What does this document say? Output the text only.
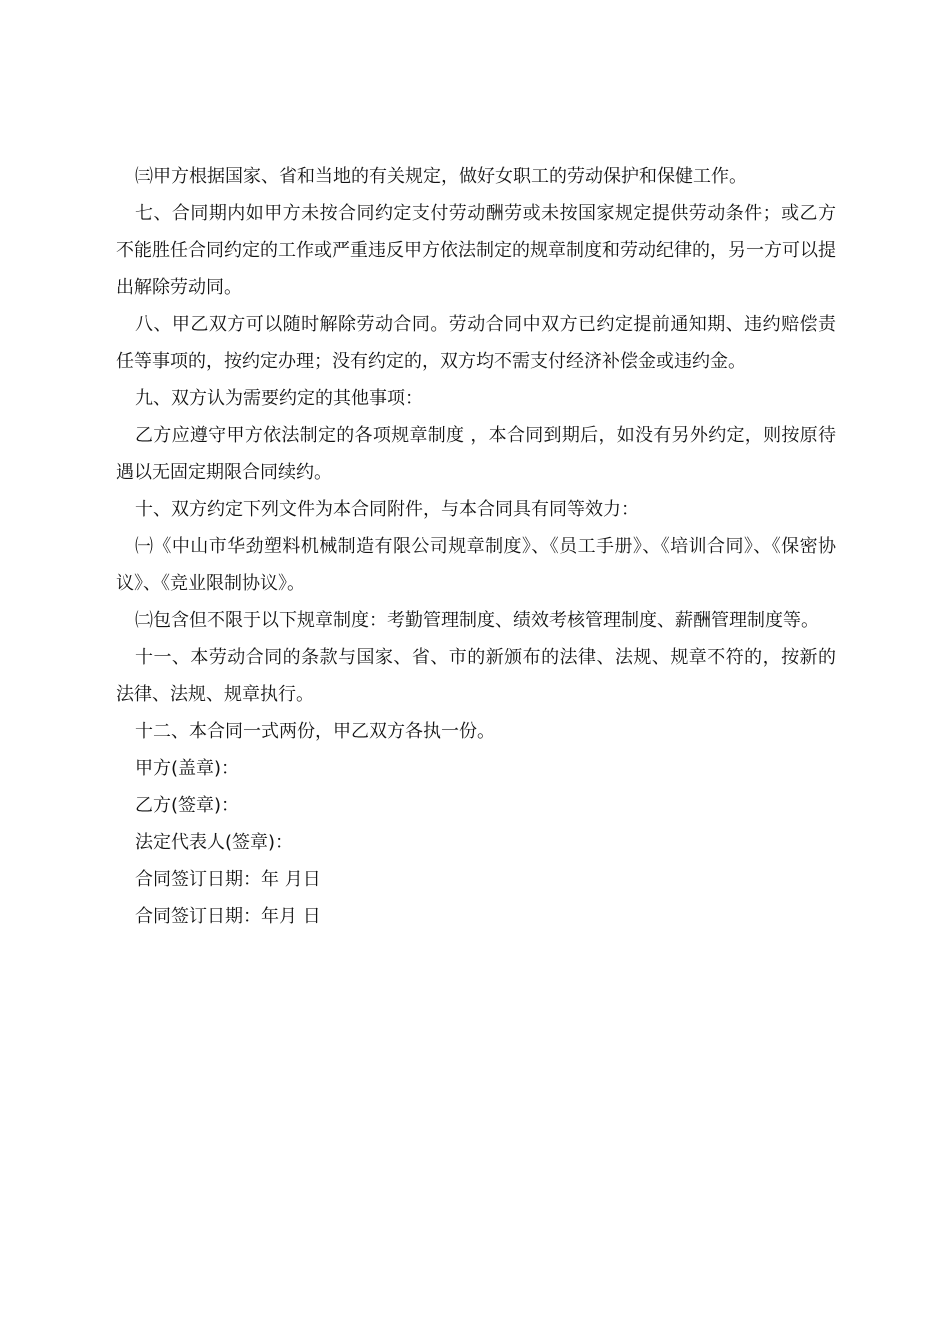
㈢甲方根据国家、省和当地的有关规定，做好女职工的劳动保护和保健工作。

七、合同期内如甲方未按合同约定支付劳动酬劳或未按国家规定提供劳动条件；或乙方不能胜任合同约定的工作或严重违反甲方依法制定的规章制度和劳动纪律的，另一方可以提出解除劳动同。

八、甲乙双方可以随时解除劳动合同。劳动合同中双方已约定提前通知期、违约赔偿责任等事项的，按约定办理；没有约定的，双方均不需支付经济补偿金或违约金。

九、双方认为需要约定的其他事项：

乙方应遵守甲方依法制定的各项规章制度 ，本合同到期后，如没有另外约定，则按原待遇以无固定期限合同续约。

十、双方约定下列文件为本合同附件，与本合同具有同等效力：

㈠《中山市华劲塑料机械制造有限公司规章制度》、《员工手册》、《培训合同》、《保密协议》、《竞业限制协议》。

㈡包含但不限于以下规章制度：考勤管理制度、绩效考核管理制度、薪酬管理制度等。

十一、本劳动合同的条款与国家、省、市的新颁布的法律、法规、规章不符的，按新的法律、法规、规章执行。

十二、本合同一式两份，甲乙双方各执一份。

甲方(盖章)：

乙方(签章)：

法定代表人(签章)：

合同签订日期：年 月日

合同签订日期：年月 日
